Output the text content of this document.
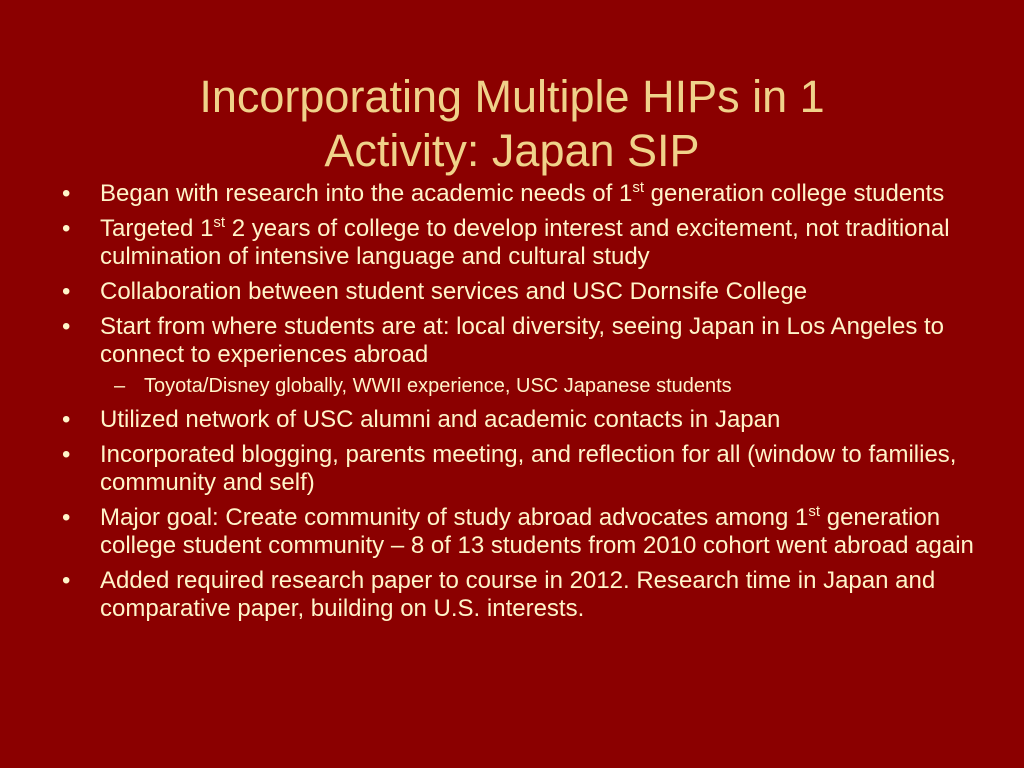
Incorporating Multiple HIPs in 1
Activity: Japan SIP
• Began with research into the academic needs of 1st generation college students
• Targeted 1st 2 years of college to develop interest and excitement, not traditional culmination of intensive language and cultural study
• Collaboration between student services and USC Dornsife College
• Start from where students are at: local diversity, seeing Japan in Los Angeles to connect to experiences abroad
– Toyota/Disney globally, WWII experience, USC Japanese students
• Utilized network of USC alumni and academic contacts in Japan
• Incorporated blogging, parents meeting, and reflection for all (window to families, community and self)
• Major goal: Create community of study abroad advocates among 1st generation college student community – 8 of 13 students from 2010 cohort went abroad again
• Added required research paper to course in 2012. Research time in Japan and comparative paper, building on U.S. interests.
